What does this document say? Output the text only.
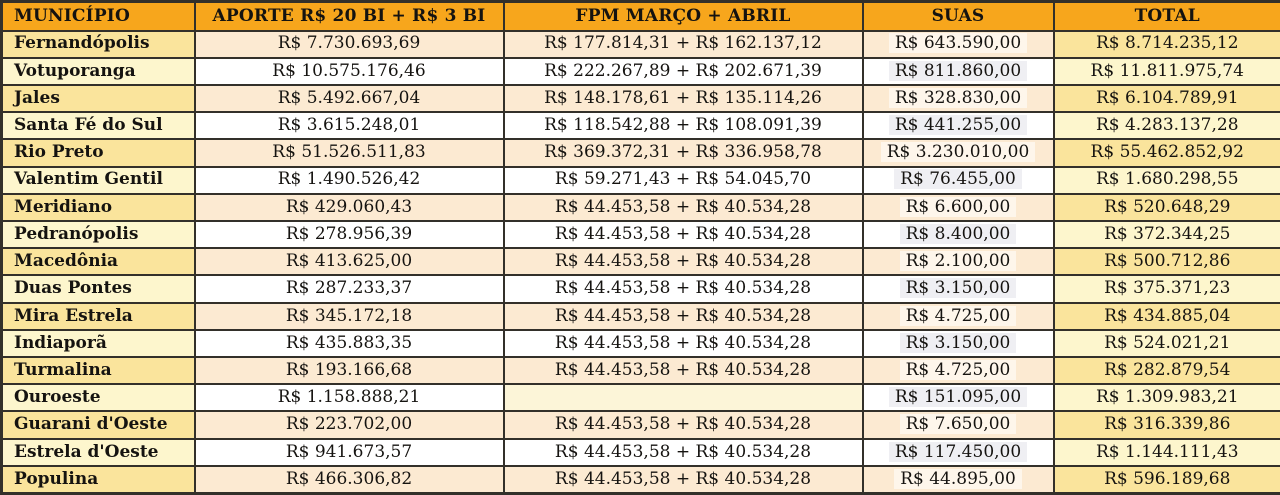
MUNICÍPIO	APORTE R$ 20 BI + R$ 3 BI	FPM MARÇO + ABRIL	SUAS	TOTAL
Fernandópolis	R$ 7.730.693,69	R$ 177.814,31 + R$ 162.137,12	R$ 643.590,00	R$ 8.714.235,12
Votuporanga	R$ 10.575.176,46	R$ 222.267,89 + R$ 202.671,39	R$ 811.860,00	R$ 11.811.975,74
Jales	R$ 5.492.667,04	R$ 148.178,61 + R$ 135.114,26	R$ 328.830,00	R$ 6.104.789,91
Santa Fé do Sul	R$ 3.615.248,01	R$ 118.542,88 + R$ 108.091,39	R$ 441.255,00	R$ 4.283.137,28
Rio Preto	R$ 51.526.511,83	R$ 369.372,31 + R$ 336.958,78	R$ 3.230.010,00	R$ 55.462.852,92
Valentim Gentil	R$ 1.490.526,42	R$ 59.271,43 + R$ 54.045,70	R$ 76.455,00	R$ 1.680.298,55
Meridiano	R$ 429.060,43	R$ 44.453,58 + R$ 40.534,28	R$ 6.600,00	R$ 520.648,29
Pedranópolis	R$ 278.956,39	R$ 44.453,58 + R$ 40.534,28	R$ 8.400,00	R$ 372.344,25
Macedônia	R$ 413.625,00	R$ 44.453,58 + R$ 40.534,28	R$ 2.100,00	R$ 500.712,86
Duas Pontes	R$ 287.233,37	R$ 44.453,58 + R$ 40.534,28	R$ 3.150,00	R$ 375.371,23
Mira Estrela	R$ 345.172,18	R$ 44.453,58 + R$ 40.534,28	R$ 4.725,00	R$ 434.885,04
Indiaporã	R$ 435.883,35	R$ 44.453,58 + R$ 40.534,28	R$ 3.150,00	R$ 524.021,21
Turmalina	R$ 193.166,68	R$ 44.453,58 + R$ 40.534,28	R$ 4.725,00	R$ 282.879,54
Ouroeste	R$ 1.158.888,21		R$ 151.095,00	R$ 1.309.983,21
Guarani d'Oeste	R$ 223.702,00	R$ 44.453,58 + R$ 40.534,28	R$ 7.650,00	R$ 316.339,86
Estrela d'Oeste	R$ 941.673,57	R$ 44.453,58 + R$ 40.534,28	R$ 117.450,00	R$ 1.144.111,43
Populina	R$ 466.306,82	R$ 44.453,58 + R$ 40.534,28	R$ 44.895,00	R$ 596.189,68
